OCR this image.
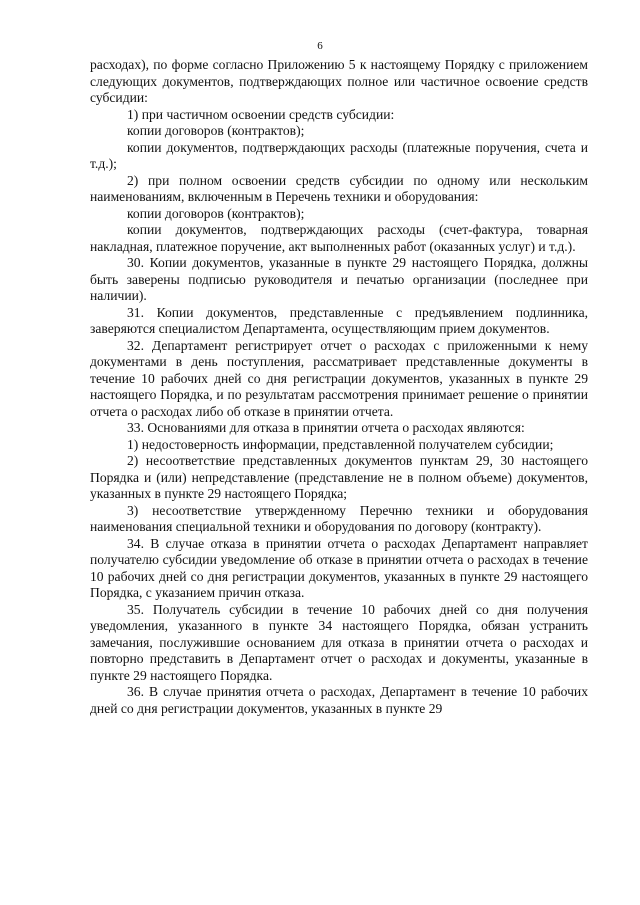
6

расходах), по форме согласно Приложению 5 к настоящему Порядку с приложением следующих документов, подтверждающих полное или частичное освоение средств субсидии:

1) при частичном освоении средств субсидии:

копии договоров (контрактов);

копии документов, подтверждающих расходы (платежные поручения, счета и т.д.);

2) при полном освоении средств субсидии по одному или нескольким наименованиям, включенным в Перечень техники и оборудования:

копии договоров (контрактов);

копии документов, подтверждающих расходы (счет-фактура, товарная накладная, платежное поручение, акт выполненных работ (оказанных услуг) и т.д.).

30. Копии документов, указанные в пункте 29 настоящего Порядка, должны быть заверены подписью руководителя и печатью организации (последнее при наличии).

31. Копии документов, представленные с предъявлением подлинника, заверяются специалистом Департамента, осуществляющим прием документов.

32. Департамент регистрирует отчет о расходах с приложенными к нему документами в день поступления, рассматривает представленные документы в течение 10 рабочих дней со дня регистрации документов, указанных в пункте 29 настоящего Порядка, и по результатам рассмотрения принимает решение о принятии отчета о расходах либо об отказе в принятии отчета.

33. Основаниями для отказа в принятии отчета о расходах являются:

1) недостоверность информации, представленной получателем субсидии;

2) несоответствие представленных документов пунктам 29, 30 настоящего Порядка и (или) непредставление (представление не в полном объеме) документов, указанных в пункте 29 настоящего Порядка;

3) несоответствие утвержденному Перечню техники и оборудования наименования специальной техники и оборудования по договору (контракту).

34. В случае отказа в принятии отчета о расходах Департамент направляет получателю субсидии уведомление об отказе в принятии отчета о расходах в течение 10 рабочих дней со дня регистрации документов, указанных в пункте 29 настоящего Порядка, с указанием причин отказа.

35. Получатель субсидии в течение 10 рабочих дней со дня получения уведомления, указанного в пункте 34 настоящего Порядка, обязан устранить замечания, послужившие основанием для отказа в принятии отчета о расходах и повторно представить в Департамент отчет о расходах и документы, указанные в пункте 29 настоящего Порядка.

36. В случае принятия отчета о расходах, Департамент в течение 10 рабочих дней со дня регистрации документов, указанных в пункте 29
